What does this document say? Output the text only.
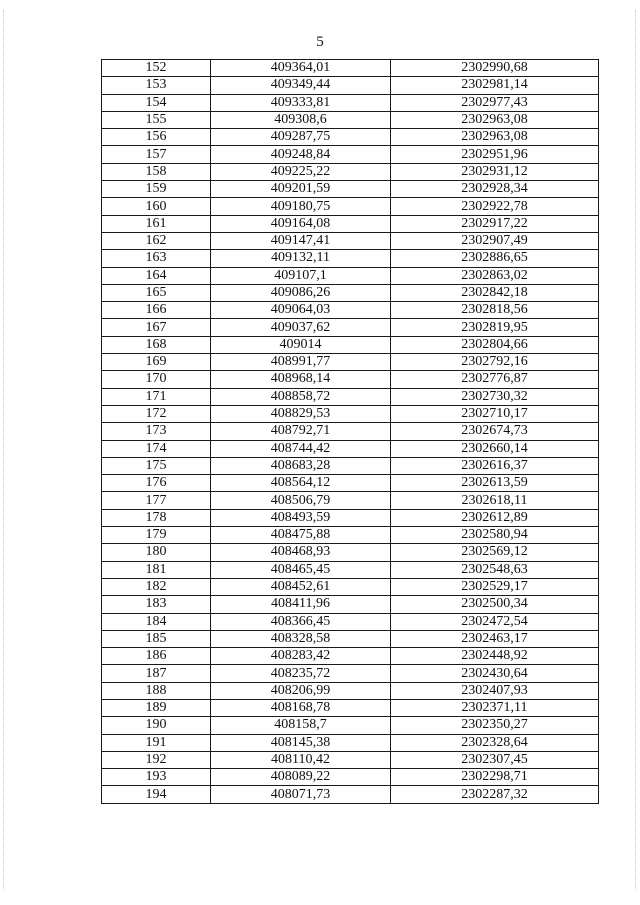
5
152	409364,01	2302990,68
153	409349,44	2302981,14
154	409333,81	2302977,43
155	409308,6	2302963,08
156	409287,75	2302963,08
157	409248,84	2302951,96
158	409225,22	2302931,12
159	409201,59	2302928,34
160	409180,75	2302922,78
161	409164,08	2302917,22
162	409147,41	2302907,49
163	409132,11	2302886,65
164	409107,1	2302863,02
165	409086,26	2302842,18
166	409064,03	2302818,56
167	409037,62	2302819,95
168	409014	2302804,66
169	408991,77	2302792,16
170	408968,14	2302776,87
171	408858,72	2302730,32
172	408829,53	2302710,17
173	408792,71	2302674,73
174	408744,42	2302660,14
175	408683,28	2302616,37
176	408564,12	2302613,59
177	408506,79	2302618,11
178	408493,59	2302612,89
179	408475,88	2302580,94
180	408468,93	2302569,12
181	408465,45	2302548,63
182	408452,61	2302529,17
183	408411,96	2302500,34
184	408366,45	2302472,54
185	408328,58	2302463,17
186	408283,42	2302448,92
187	408235,72	2302430,64
188	408206,99	2302407,93
189	408168,78	2302371,11
190	408158,7	2302350,27
191	408145,38	2302328,64
192	408110,42	2302307,45
193	408089,22	2302298,71
194	408071,73	2302287,32
